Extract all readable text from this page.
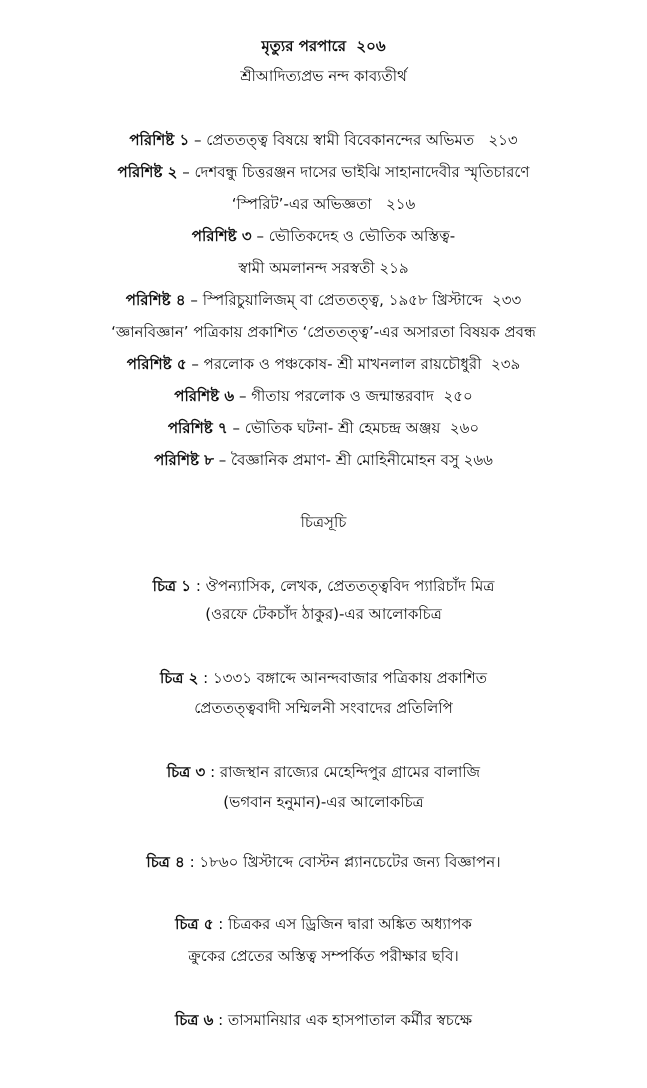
মৃত্যুর পরপারে ২০৬
শ্রীআদিত্যপ্রভ নন্দ কাব্যতীর্থ
পরিশিষ্ট ১ – প্রেততত্ত্ব বিষয়ে স্বামী বিবেকানন্দের অভিমত ২১৩
পরিশিষ্ট ২ – দেশবন্ধু চিত্তরঞ্জন দাসের ভাইঝি সাহানাদেবীর স্মৃতিচারণে
‘স্পিরিট’-এর অভিজ্ঞতা ২১৬
পরিশিষ্ট ৩ – ভৌতিকদেহ ও ভৌতিক অস্তিত্ব-
স্বামী অমলানন্দ সরস্বতী ২১৯
পরিশিষ্ট ৪ – স্পিরিচুয়ালিজম্ বা প্রেততত্ত্ব, ১৯৫৮ খ্রিস্টাব্দে ২৩৩
‘জ্ঞানবিজ্ঞান’ পত্রিকায় প্রকাশিত ‘প্রেততত্ত্ব’-এর অসারতা বিষয়ক প্রবন্ধ
পরিশিষ্ট ৫ – পরলোক ও পঞ্চকোষ- শ্রী মাখনলাল রায়চৌধুরী ২৩৯
পরিশিষ্ট ৬ – গীতায় পরলোক ও জন্মান্তরবাদ ২৫০
পরিশিষ্ট ৭ – ভৌতিক ঘটনা- শ্রী হেমচন্দ্র অঞ্জয় ২৬০
পরিশিষ্ট ৮ – বৈজ্ঞানিক প্রমাণ- শ্রী মোহিনীমোহন বসু ২৬৬
চিত্রসূচি
চিত্র ১ : ঔপন্যাসিক, লেখক, প্রেততত্ত্ববিদ প্যারিচাঁদ মিত্র
(ওরফে টেকচাঁদ ঠাকুর)-এর আলোকচিত্র
চিত্র ২ : ১৩৩১ বঙ্গাব্দে আনন্দবাজার পত্রিকায় প্রকাশিত
প্রেততত্ত্ববাদী সম্মিলনী সংবাদের প্রতিলিপি
চিত্র ৩ : রাজস্থান রাজ্যের মেহেন্দিপুর গ্রামের বালাজি
(ভগবান হনুমান)-এর আলোকচিত্র
চিত্র ৪ : ১৮৬০ খ্রিস্টাব্দে বোস্টন প্ল্যানচেটের জন্য বিজ্ঞাপন।
চিত্র ৫ : চিত্রকর এস ড্রিজিন দ্বারা অঙ্কিত অধ্যাপক
ক্রুকের প্রেতের অস্তিত্ব সম্পর্কিত পরীক্ষার ছবি।
চিত্র ৬ : তাসমানিয়ার এক হাসপাতাল কর্মীর স্বচক্ষে
